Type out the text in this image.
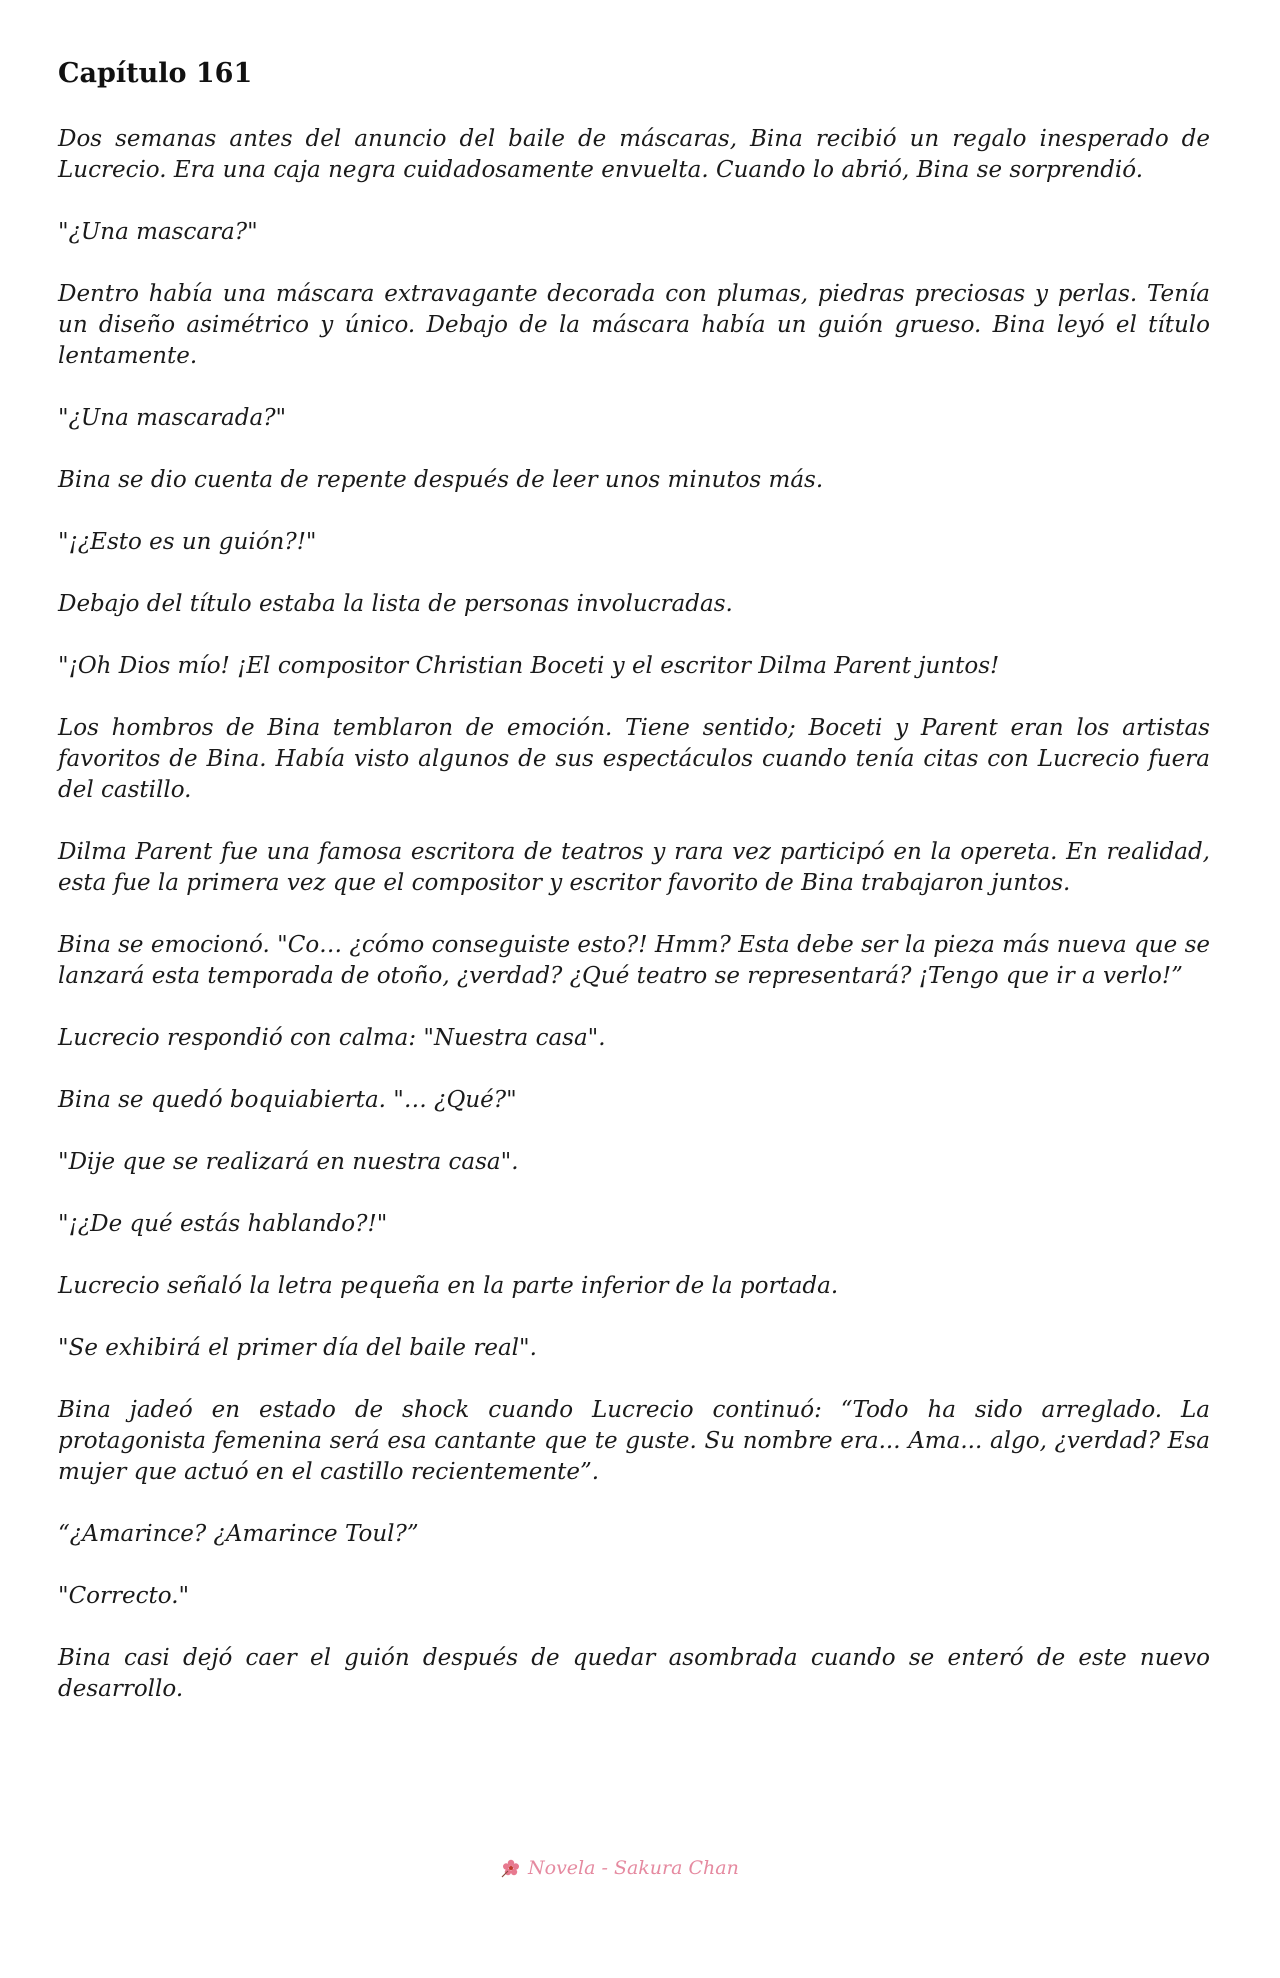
Capítulo 161

Dos semanas antes del anuncio del baile de máscaras, Bina recibió un regalo inesperado de Lucrecio. Era una caja negra cuidadosamente envuelta. Cuando lo abrió, Bina se sorprendió.

"¿Una mascara?"

Dentro había una máscara extravagante decorada con plumas, piedras preciosas y perlas. Tenía un diseño asimétrico y único. Debajo de la máscara había un guión grueso. Bina leyó el título lentamente.

"¿Una mascarada?"

Bina se dio cuenta de repente después de leer unos minutos más.

"¡¿Esto es un guión?!"

Debajo del título estaba la lista de personas involucradas.

"¡Oh Dios mío! ¡El compositor Christian Boceti y el escritor Dilma Parent juntos!

Los hombros de Bina temblaron de emoción. Tiene sentido; Boceti y Parent eran los artistas favoritos de Bina. Había visto algunos de sus espectáculos cuando tenía citas con Lucrecio fuera del castillo.

Dilma Parent fue una famosa escritora de teatros y rara vez participó en la opereta. En realidad, esta fue la primera vez que el compositor y escritor favorito de Bina trabajaron juntos.

Bina se emocionó. "Co… ¿cómo conseguiste esto?! Hmm? Esta debe ser la pieza más nueva que se lanzará esta temporada de otoño, ¿verdad? ¿Qué teatro se representará? ¡Tengo que ir a verlo!”

Lucrecio respondió con calma: "Nuestra casa".

Bina se quedó boquiabierta. "… ¿Qué?"

"Dije que se realizará en nuestra casa".

"¡¿De qué estás hablando?!"

Lucrecio señaló la letra pequeña en la parte inferior de la portada.

"Se exhibirá el primer día del baile real".

Bina jadeó en estado de shock cuando Lucrecio continuó: “Todo ha sido arreglado. La protagonista femenina será esa cantante que te guste. Su nombre era... Ama... algo, ¿verdad? Esa mujer que actuó en el castillo recientemente”.

“¿Amarince? ¿Amarince Toul?”

"Correcto."

Bina casi dejó caer el guión después de quedar asombrada cuando se enteró de este nuevo desarrollo.

Novela - Sakura Chan
